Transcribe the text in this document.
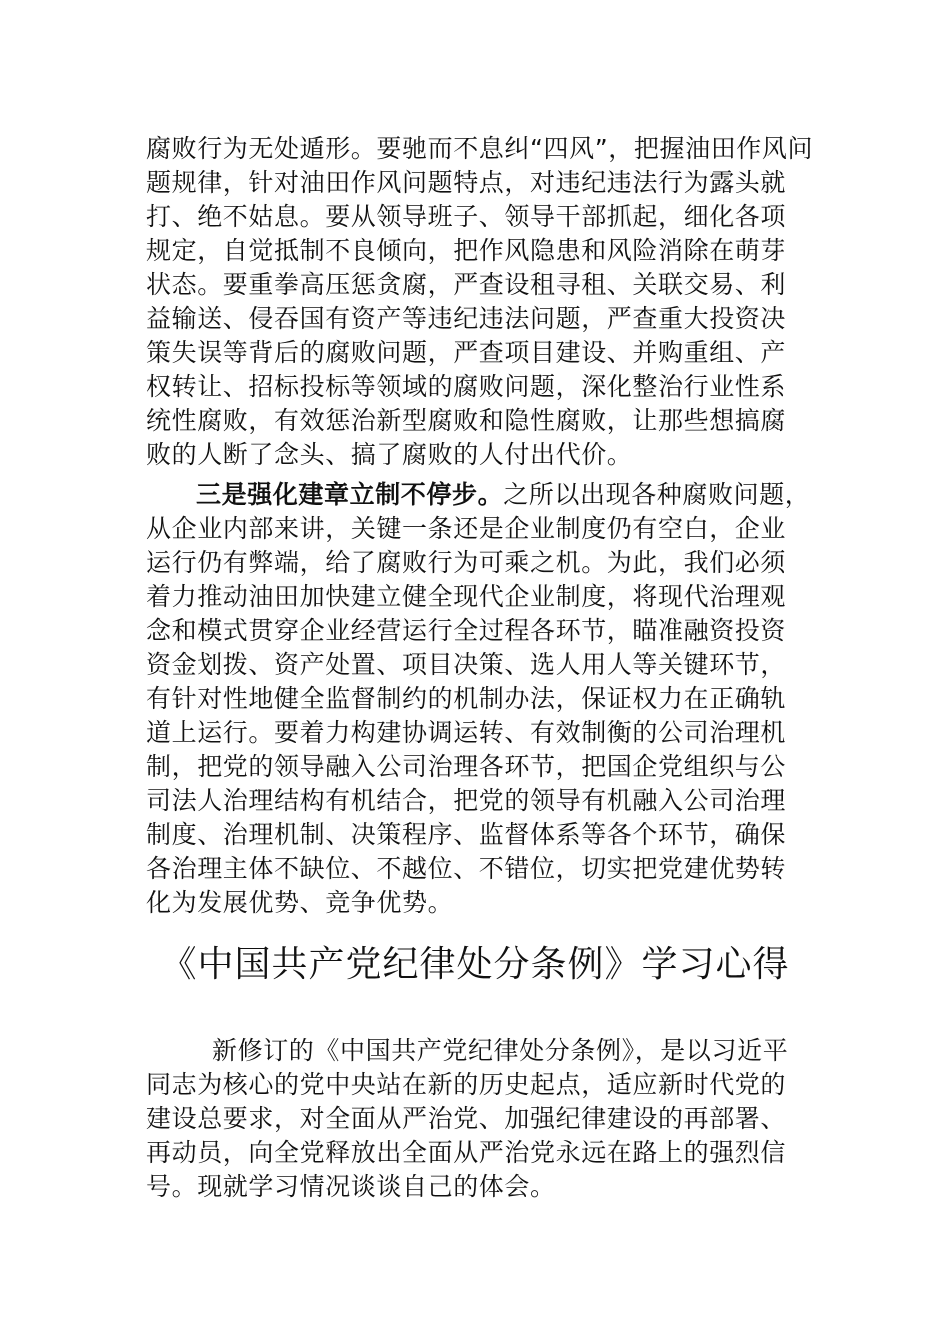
腐败行为无处遁形。要驰而不息纠“四风”，把握油田作风问
题规律，针对油田作风问题特点，对违纪违法行为露头就
打、绝不姑息。要从领导班子、领导干部抓起，细化各项
规定，自觉抵制不良倾向，把作风隐患和风险消除在萌芽
状态。要重拳高压惩贪腐，严查设租寻租、关联交易、利
益输送、侵吞国有资产等违纪违法问题，严查重大投资决
策失误等背后的腐败问题，严查项目建设、并购重组、产
权转让、招标投标等领域的腐败问题，深化整治行业性系
统性腐败，有效惩治新型腐败和隐性腐败，让那些想搞腐
败的人断了念头、搞了腐败的人付出代价。
三是强化建章立制不停步。之所以出现各种腐败问题，
从企业内部来讲，关键一条还是企业制度仍有空白，企业
运行仍有弊端，给了腐败行为可乘之机。为此，我们必须
着力推动油田加快建立健全现代企业制度，将现代治理观
念和模式贯穿企业经营运行全过程各环节，瞄准融资投资
资金划拨、资产处置、项目决策、选人用人等关键环节，
有针对性地健全监督制约的机制办法，保证权力在正确轨
道上运行。要着力构建协调运转、有效制衡的公司治理机
制，把党的领导融入公司治理各环节，把国企党组织与公
司法人治理结构有机结合，把党的领导有机融入公司治理
制度、治理机制、决策程序、监督体系等各个环节，确保
各治理主体不缺位、不越位、不错位，切实把党建优势转
化为发展优势、竞争优势。
《中国共产党纪律处分条例》学习心得
新修订的《中国共产党纪律处分条例》，是以习近平
同志为核心的党中央站在新的历史起点，适应新时代党的
建设总要求，对全面从严治党、加强纪律建设的再部署、
再动员，向全党释放出全面从严治党永远在路上的强烈信
号。现就学习情况谈谈自己的体会。
